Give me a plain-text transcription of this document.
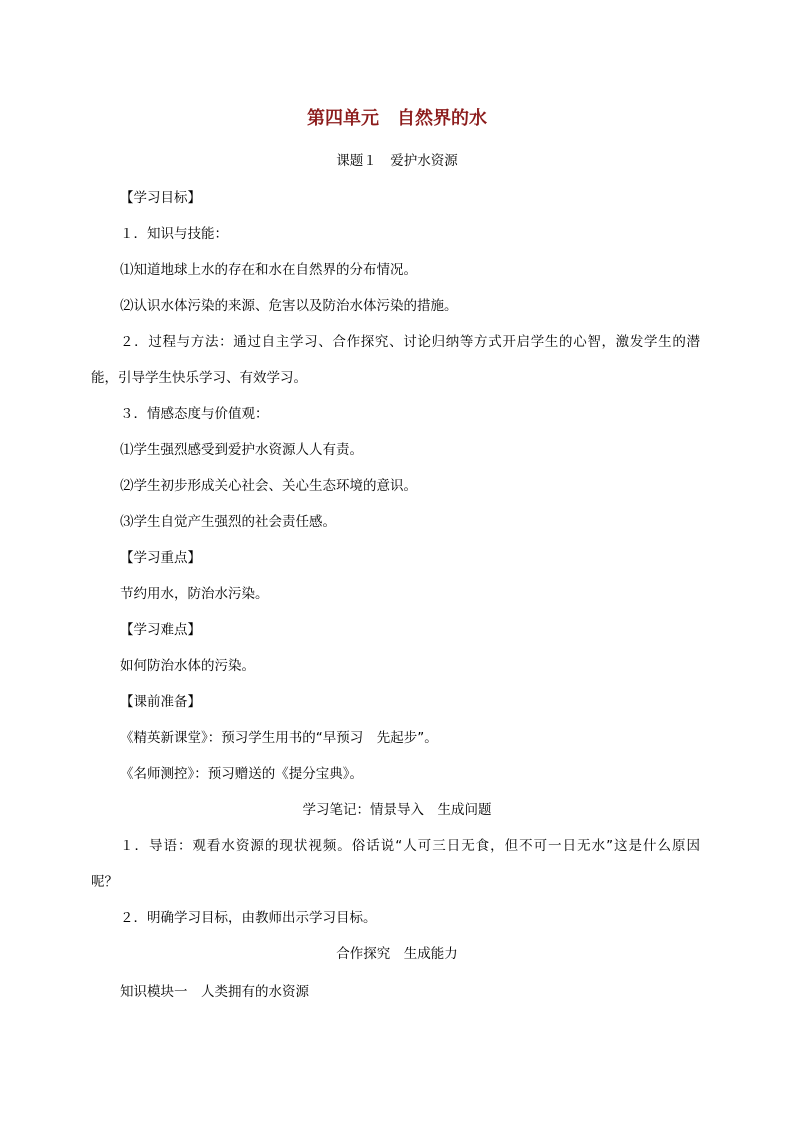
第四单元　自然界的水
课题１　爱护水资源
【学习目标】
１．知识与技能：
⑴知道地球上水的存在和水在自然界的分布情况。
⑵认识水体污染的来源、危害以及防治水体污染的措施。
２．过程与方法：通过自主学习、合作探究、讨论归纳等方式开启学生的心智，激发学生的潜
能，引导学生快乐学习、有效学习。
３．情感态度与价值观：
⑴学生强烈感受到爱护水资源人人有责。
⑵学生初步形成关心社会、关心生态环境的意识。
⑶学生自觉产生强烈的社会责任感。
【学习重点】
节约用水，防治水污染。
【学习难点】
如何防治水体的污染。
【课前准备】
《精英新课堂》：预习学生用书的“早预习　先起步”。
《名师测控》：预习赠送的《提分宝典》。
学习笔记：情景导入　生成问题
１．导语：观看水资源的现状视频。俗话说“人可三日无食，但不可一日无水”这是什么原因
呢？
２．明确学习目标，由教师出示学习目标。
合作探究　生成能力
知识模块一　人类拥有的水资源
